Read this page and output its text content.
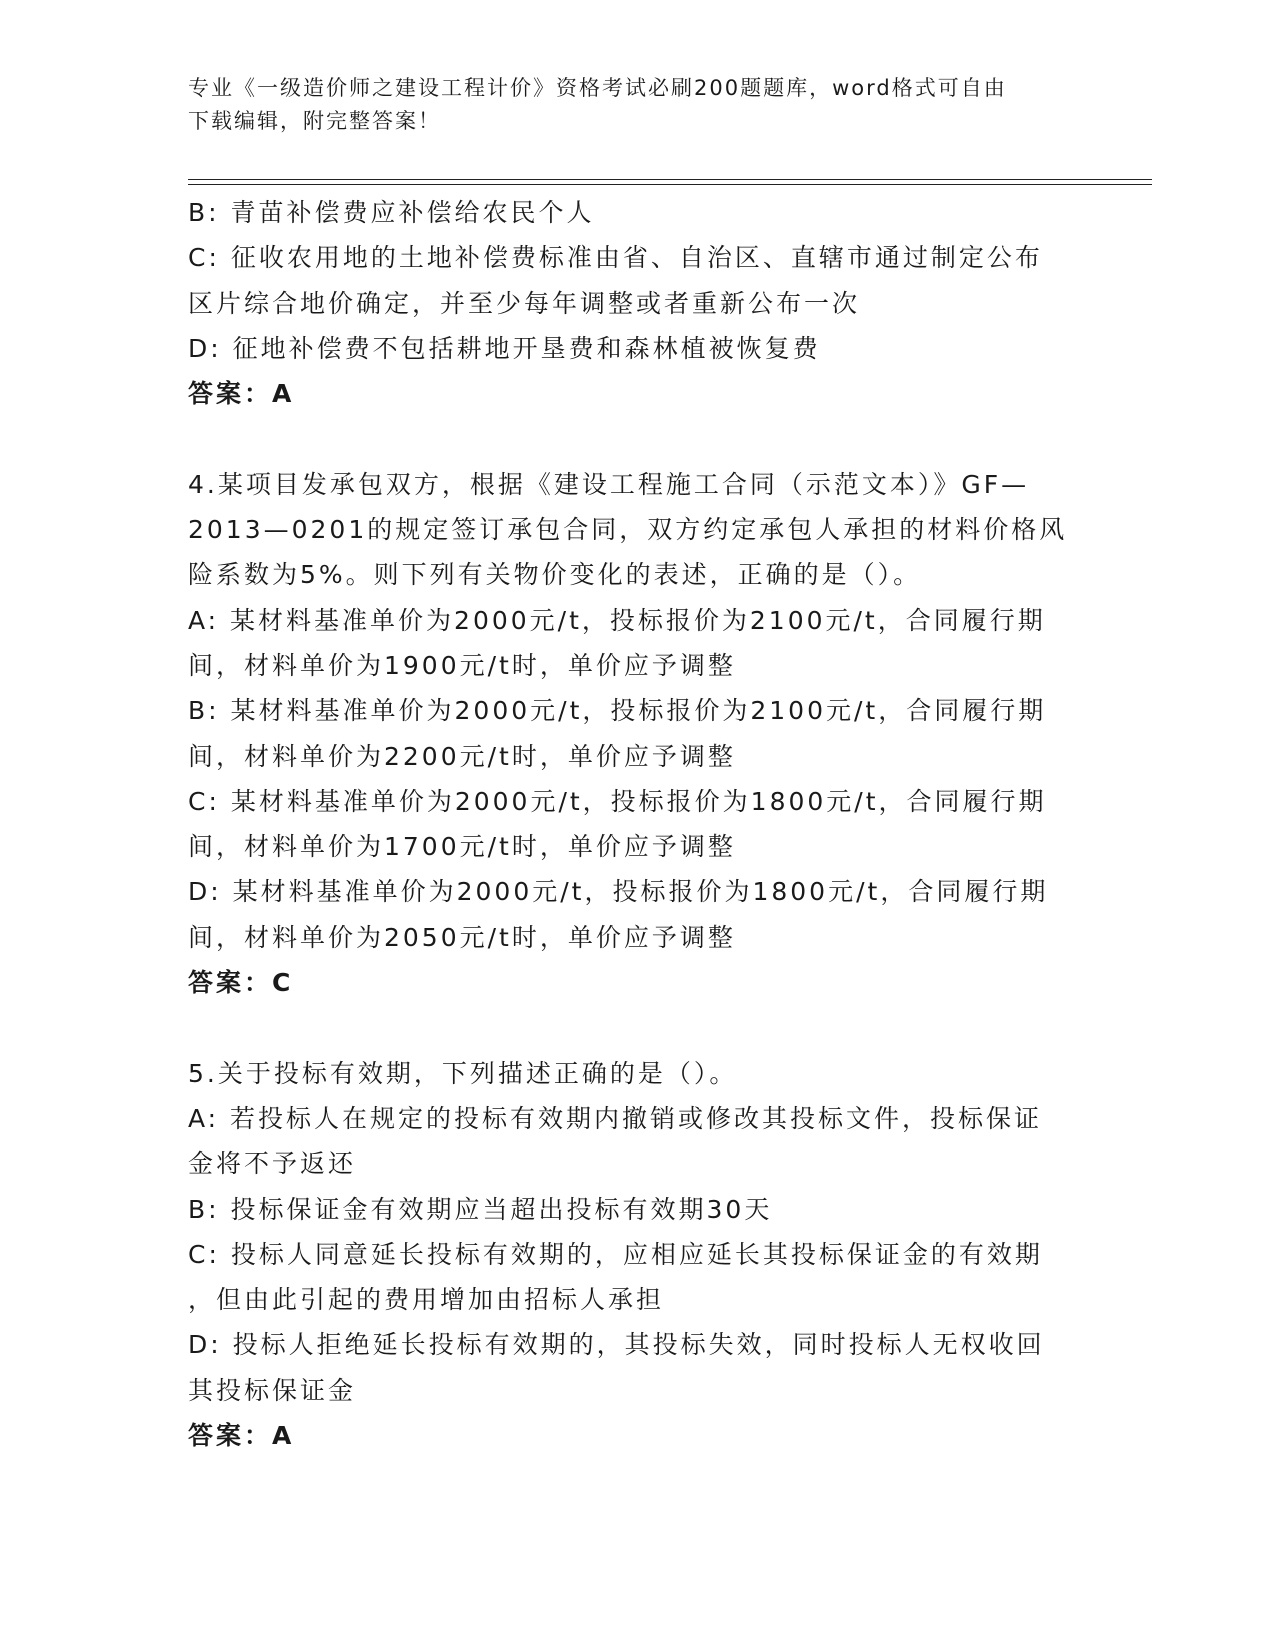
专业《一级造价师之建设工程计价》资格考试必刷200题题库，word格式可自由
下载编辑，附完整答案！
B: 青苗补偿费应补偿给农民个人
C: 征收农用地的土地补偿费标准由省、自治区、直辖市通过制定公布
区片综合地价确定，并至少每年调整或者重新公布一次
D: 征地补偿费不包括耕地开垦费和森林植被恢复费
答案：A
4.某项目发承包双方，根据《建设工程施工合同（示范文本）》GF—
2013—0201的规定签订承包合同，双方约定承包人承担的材料价格风
险系数为5%。则下列有关物价变化的表述，正确的是（）。
A: 某材料基准单价为2000元/t，投标报价为2100元/t，合同履行期
间，材料单价为1900元/t时，单价应予调整
B: 某材料基准单价为2000元/t，投标报价为2100元/t，合同履行期
间，材料单价为2200元/t时，单价应予调整
C: 某材料基准单价为2000元/t，投标报价为1800元/t，合同履行期
间，材料单价为1700元/t时，单价应予调整
D: 某材料基准单价为2000元/t，投标报价为1800元/t，合同履行期
间，材料单价为2050元/t时，单价应予调整
答案：C
5.关于投标有效期，下列描述正确的是（）。
A: 若投标人在规定的投标有效期内撤销或修改其投标文件，投标保证
金将不予返还
B: 投标保证金有效期应当超出投标有效期30天
C: 投标人同意延长投标有效期的，应相应延长其投标保证金的有效期
，但由此引起的费用增加由招标人承担
D: 投标人拒绝延长投标有效期的，其投标失效，同时投标人无权收回
其投标保证金
答案：A
